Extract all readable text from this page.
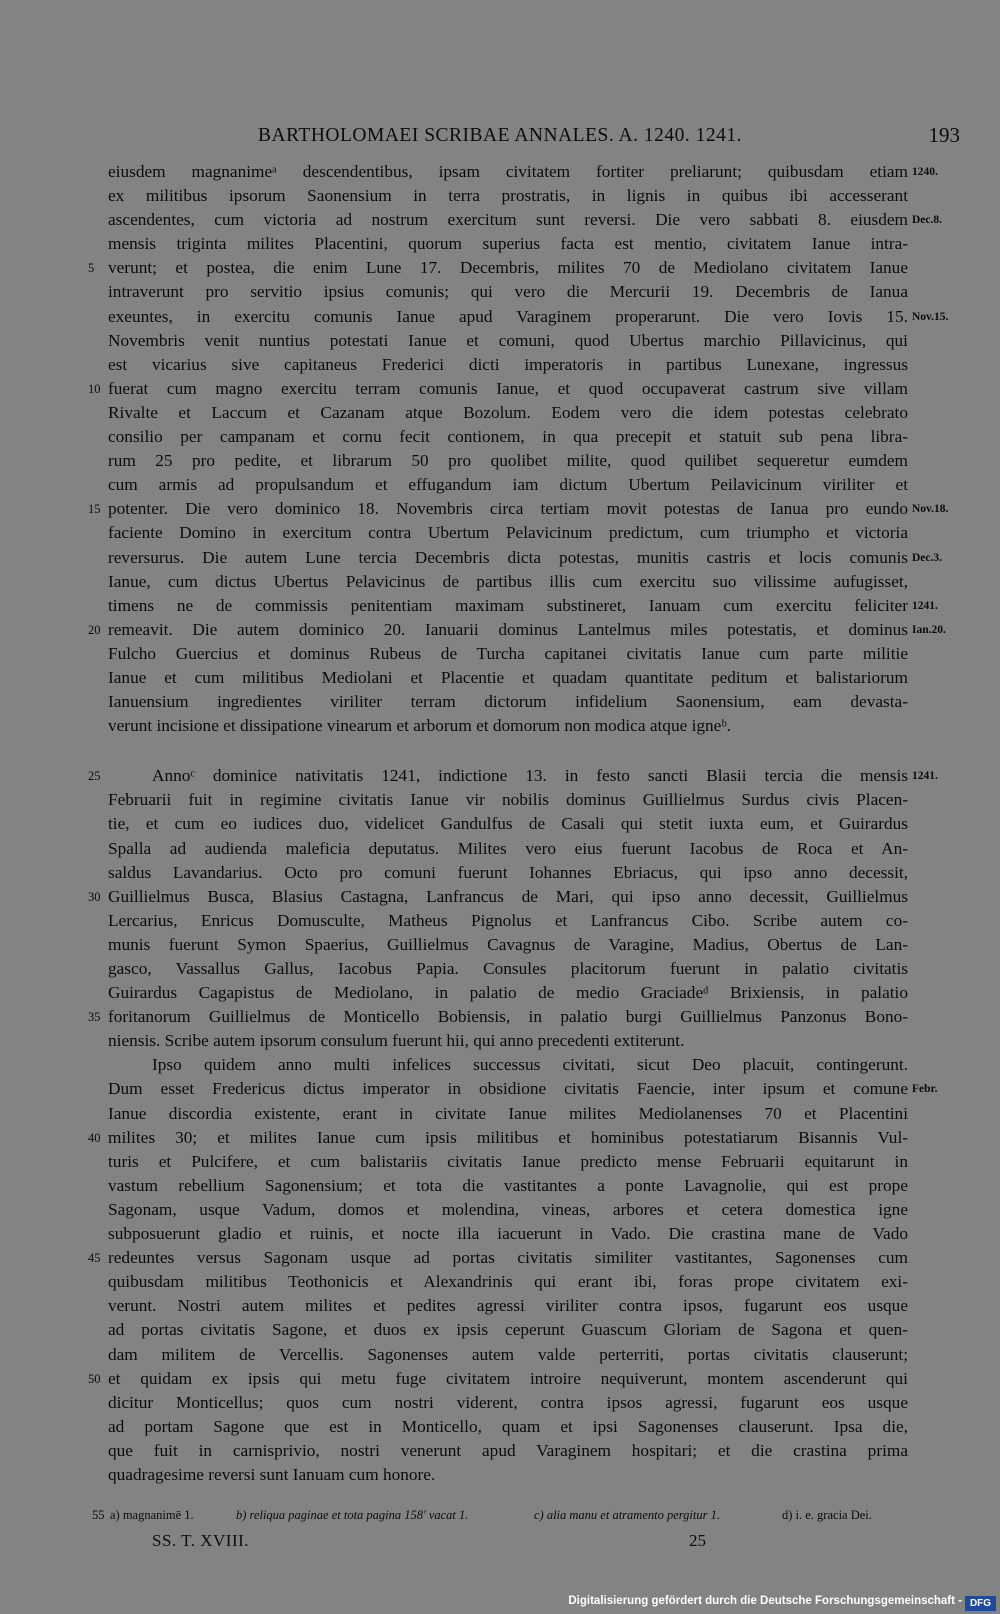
BARTHOLOMAEI SCRIBAE ANNALES. A. 1240. 1241.	193
eiusdem magnanimeᵃ descendentibus, ipsam civitatem fortiter preliarunt; quibusdam etiam 1240.
ex militibus ipsorum Saonensium in terra prostratis, in lignis in quibus ibi accesserant
ascendentes, cum victoria ad nostrum exercitum sunt reversi. Die vero sabbati 8. eiusdem Dec.8.
mensis triginta milites Placentini, quorum superius facta est mentio, civitatem Ianue intra-
5 verunt; et postea, die enim Lune 17. Decembris, milites 70 de Mediolano civitatem Ianue
intraverunt pro servitio ipsius comunis; qui vero die Mercurii 19. Decembris de Ianua
exeuntes, in exercitu comunis Ianue apud Varaginem properarunt. Die vero Iovis 15. Nov.15.
Novembris venit nuntius potestati Ianue et comuni, quod Ubertus marchio Pillavicinus, qui
est vicarius sive capitaneus Frederici dicti imperatoris in partibus Lunexane, ingressus
10 fuerat cum magno exercitu terram comunis Ianue, et quod occupaverat castrum sive villam
Rivalte et Laccum et Cazanam atque Bozolum. Eodem vero die idem potestas celebrato
consilio per campanam et cornu fecit contionem, in qua precepit et statuit sub pena libra-
rum 25 pro pedite, et librarum 50 pro quolibet milite, quod quilibet sequeretur eumdem
cum armis ad propulsandum et effugandum iam dictum Ubertum Peilavicinum viriliter et
15 potenter. Die vero dominico 18. Novembris circa tertiam movit potestas de Ianua pro eundo Nov.18.
faciente Domino in exercitum contra Ubertum Pelavicinum predictum, cum triumpho et victoria
reversurus. Die autem Lune tercia Decembris dicta potestas, munitis castris et locis comunis Dec.3.
Ianue, cum dictus Ubertus Pelavicinus de partibus illis cum exercitu suo vilissime aufugisset,
timens ne de commissis penitentiam maximam substineret, Ianuam cum exercitu feliciter 1241.
20 remeavit. Die autem dominico 20. Ianuarii dominus Lantelmus miles potestatis, et dominus Ian.20.
Fulcho Guercius et dominus Rubeus de Turcha capitanei civitatis Ianue cum parte militie
Ianue et cum militibus Mediolani et Placentie et quadam quantitate peditum et balistariorum
Ianuensium ingredientes viriliter terram dictorum infidelium Saonensium, eam devasta-
verunt incisione et dissipatione vinearum et arborum et domorum non modica atque igneᵇ.
25	Annoᶜ dominice nativitatis 1241, indictione 13. in festo sancti Blasii tercia die mensis 1241.
Februarii fuit in regimine civitatis Ianue vir nobilis dominus Guillielmus Surdus civis Placen-
tie, et cum eo iudices duo, videlicet Gandulfus de Casali qui stetit iuxta eum, et Guirardus
Spalla ad audienda maleficia deputatus. Milites vero eius fuerunt Iacobus de Roca et An-
saldus Lavandarius. Octo pro comuni fuerunt Iohannes Ebriacus, qui ipso anno decessit,
30 Guillielmus Busca, Blasius Castagna, Lanfrancus de Mari, qui ipso anno decessit, Guillielmus
Lercarius, Enricus Domusculte, Matheus Pignolus et Lanfrancus Cibo. Scribe autem co-
munis fuerunt Symon Spaerius, Guillielmus Cavagnus de Varagine, Madius, Obertus de Lan-
gasco, Vassallus Gallus, Iacobus Papia. Consules placitorum fuerunt in palatio civitatis
Guirardus Cagapistus de Mediolano, in palatio de medio Graciadeᵈ Brixiensis, in palatio
35 foritanorum Guillielmus de Monticello Bobiensis, in palatio burgi Guillielmus Panzonus Bono-
niensis. Scribe autem ipsorum consulum fuerunt hii, qui anno precedenti extiterunt.
Ipso quidem anno multi infelices successus civitati, sicut Deo placuit, contingerunt.
Dum esset Fredericus dictus imperator in obsidione civitatis Faencie, inter ipsum et comune Febr.
Ianue discordia existente, erant in civitate Ianue milites Mediolanenses 70 et Placentini
40 milites 30; et milites Ianue cum ipsis militibus et hominibus potestatiarum Bisannis Vul-
turis et Pulcifere, et cum balistariis civitatis Ianue predicto mense Februarii equitarunt in
vastum rebellium Sagonensium; et tota die vastitantes a ponte Lavagnolie, qui est prope
Sagonam, usque Vadum, domos et molendina, vineas, arbores et cetera domestica igne
subposuerunt gladio et ruinis, et nocte illa iacuerunt in Vado. Die crastina mane de Vado
45 redeuntes versus Sagonam usque ad portas civitatis similiter vastitantes, Sagonenses cum
quibusdam militibus Teothonicis et Alexandrinis qui erant ibi, foras prope civitatem exi-
verunt. Nostri autem milites et pedites agressi viriliter contra ipsos, fugarunt eos usque
ad portas civitatis Sagone, et duos ex ipsis ceperunt Guascum Gloriam de Sagona et quen-
dam militem de Vercellis. Sagonenses autem valde perterriti, portas civitatis clauserunt;
50 et quidam ex ipsis qui metu fuge civitatem introire nequiverunt, montem ascenderunt qui
dicitur Monticellus; quos cum nostri viderent, contra ipsos agressi, fugarunt eos usque
ad portam Sagone que est in Monticello, quam et ipsi Sagonenses clauserunt. Ipsa die,
que fuit in carnisprivio, nostri venerunt apud Varaginem hospitari; et die crastina prima
quadragesime reversi sunt Ianuam cum honore.
55 a) magnanimē 1.	b) reliqua paginae et tota pagina 158' vacat 1.	c) alia manu et atramento pergitur 1.	d) i. e. gracia Dei.
SS. T. XVIII.	25
Digitalisierung gefördert durch die Deutsche Forschungsgemeinschaft - DFG
